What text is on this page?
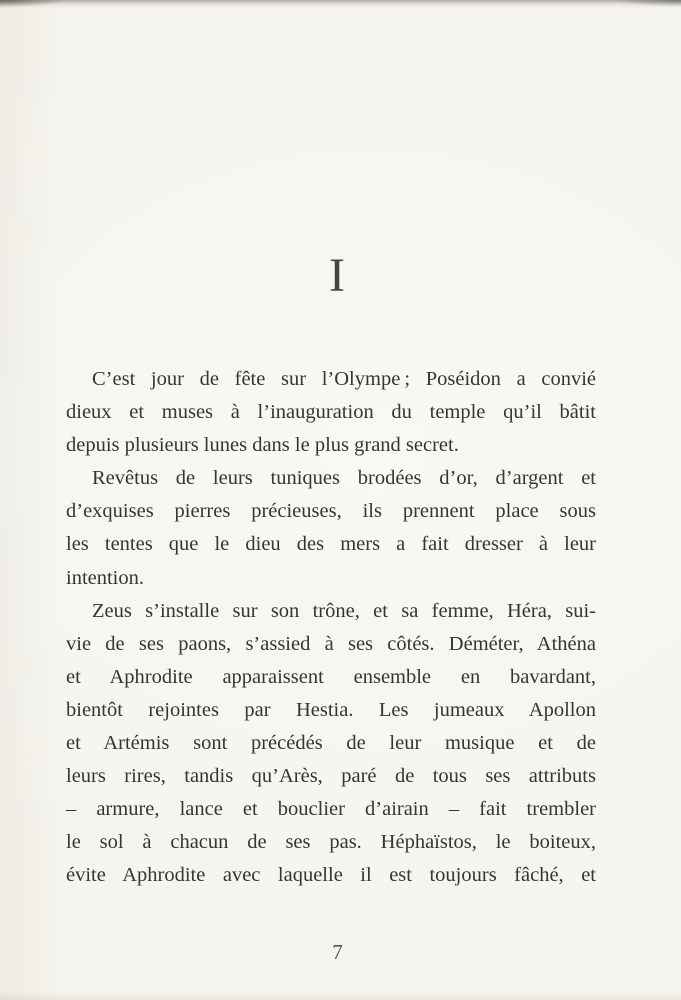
I
C’est jour de fête sur l’Olympe ; Poséidon a convié
dieux et muses à l’inauguration du temple qu’il bâtit
depuis plusieurs lunes dans le plus grand secret.
Revêtus de leurs tuniques brodées d’or, d’argent et
d’exquises pierres précieuses, ils prennent place sous
les tentes que le dieu des mers a fait dresser à leur
intention.
Zeus s’installe sur son trône, et sa femme, Héra, sui-
vie de ses paons, s’assied à ses côtés. Déméter, Athéna
et Aphrodite apparaissent ensemble en bavardant,
bientôt rejointes par Hestia. Les jumeaux Apollon
et Artémis sont précédés de leur musique et de
leurs rires, tandis qu’Arès, paré de tous ses attributs
– armure, lance et bouclier d’airain – fait trembler
le sol à chacun de ses pas. Héphaïstos, le boiteux,
évite Aphrodite avec laquelle il est toujours fâché, et
7
